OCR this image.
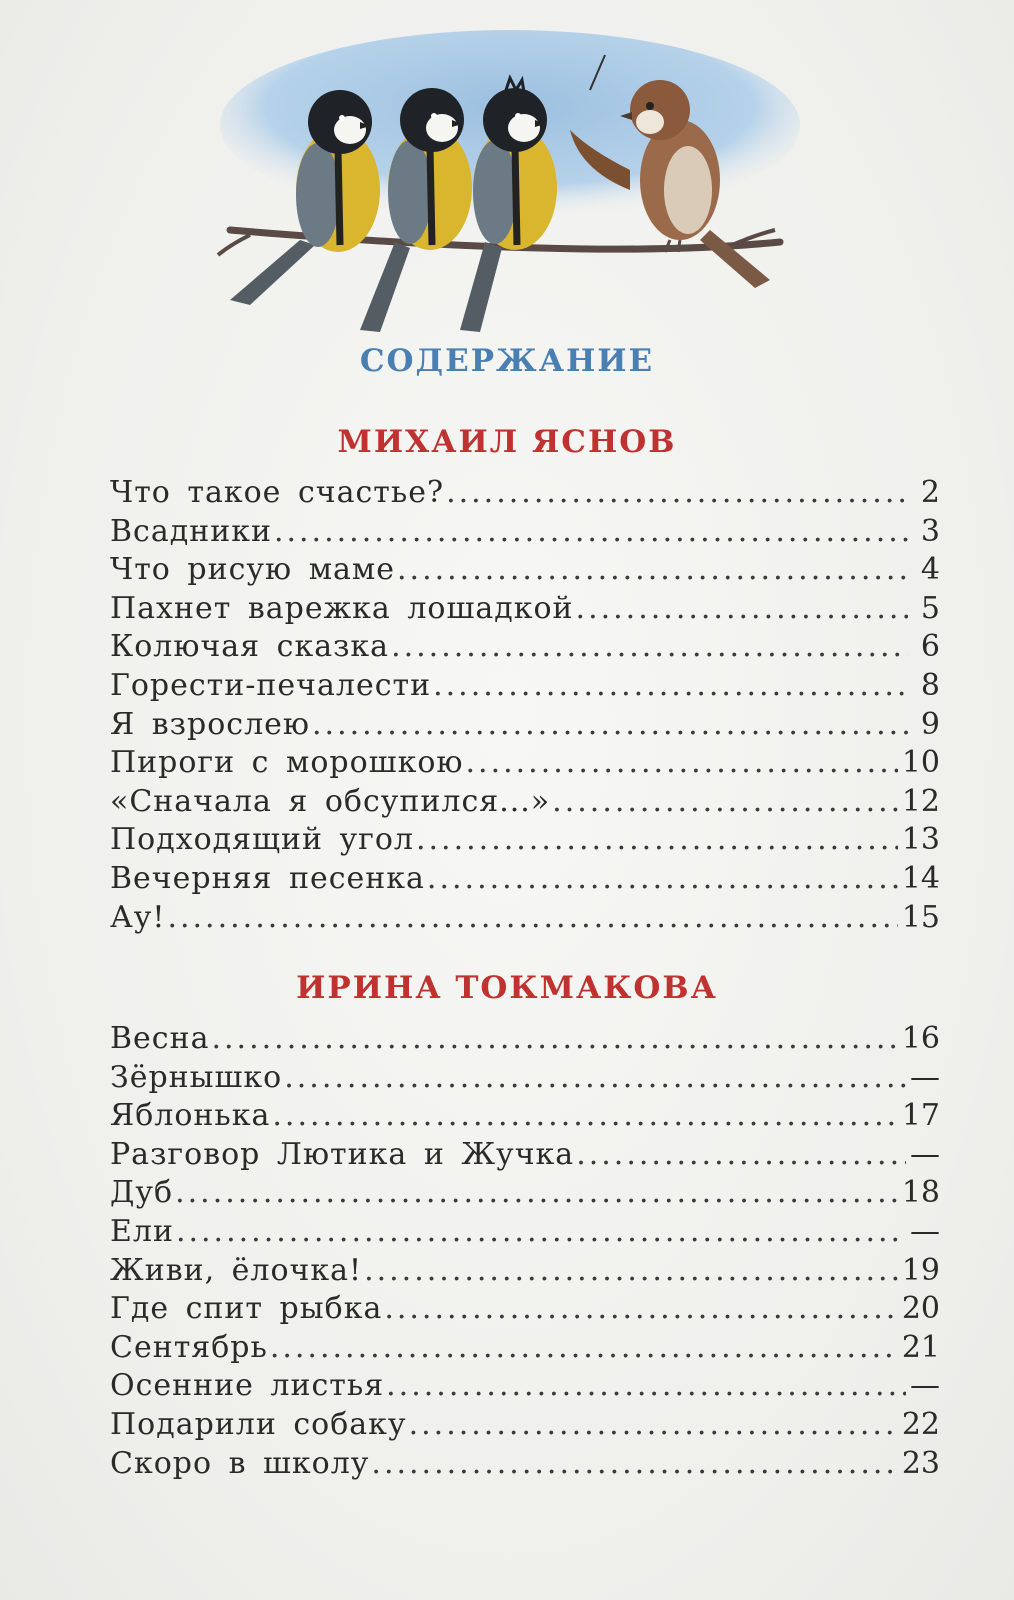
СОДЕРЖАНИЕ
МИХАИЛ ЯСНОВ
Что такое счастье? .....	2
Всадники .....	3
Что рисую маме .....	4
Пахнет варежка лошадкой .....	5
Колючая сказка .....	6
Горести-печалести .....	8
Я взрослею .....	9
Пироги с морошкою .....	10
«Сначала я обсупился...» .....	12
Подходящий угол .....	13
Вечерняя песенка .....	14
Ау! .....	15
ИРИНА ТОКМАКОВА
Весна .....	16
Зёрнышко .....	—
Яблонька .....	17
Разговор Лютика и Жучка .....	—
Дуб .....	18
Ели .....	—
Живи, ёлочка! .....	19
Где спит рыбка .....	20
Сентябрь .....	21
Осенние листья .....	—
Подарили собаку .....	22
Скоро в школу .....	23
